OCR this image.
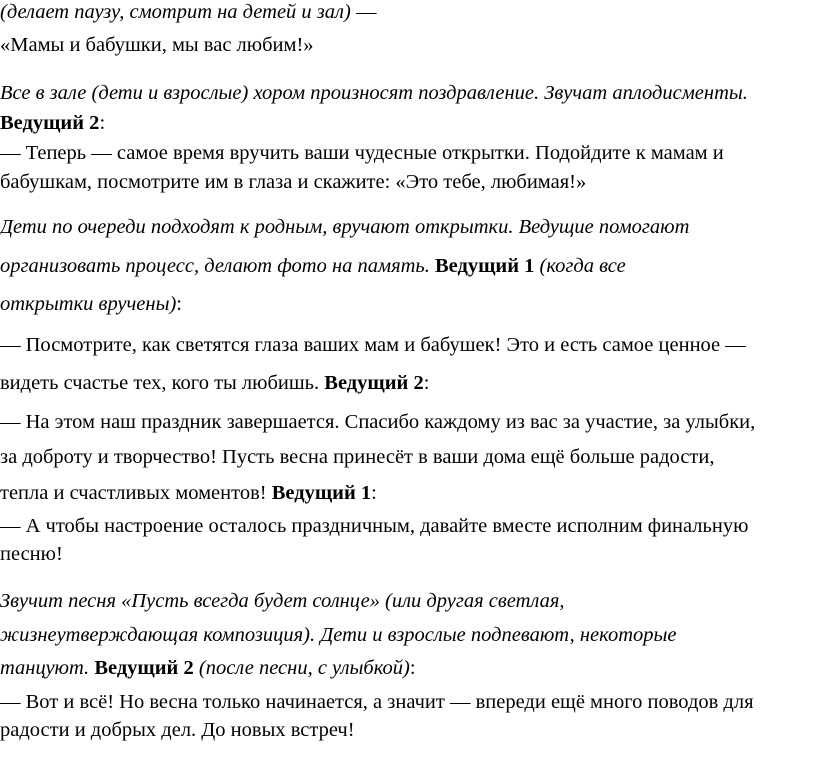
(делает паузу, смотрит на детей и зал) —
«Мамы и бабушки, мы вас любим!»
Все в зале (дети и взрослые) хором произносят поздравление. Звучат аплодисменты.
Ведущий 2:
— Теперь — самое время вручить ваши чудесные открытки. Подойдите к мамам и
бабушкам, посмотрите им в глаза и скажите: «Это тебе, любимая!»
Дети по очереди подходят к родным, вручают открытки. Ведущие помогают
организовать процесс, делают фото на память. Ведущий 1 (когда все
открытки вручены):
— Посмотрите, как светятся глаза ваших мам и бабушек! Это и есть самое ценное —
видеть счастье тех, кого ты любишь. Ведущий 2:
— На этом наш праздник завершается. Спасибо каждому из вас за участие, за улыбки,
за доброту и творчество! Пусть весна принесёт в ваши дома ещё больше радости,
тепла и счастливых моментов! Ведущий 1:
— А чтобы настроение осталось праздничным, давайте вместе исполним финальную
песню!
Звучит песня «Пусть всегда будет солнце» (или другая светлая,
жизнеутверждающая композиция). Дети и взрослые подпевают, некоторые
танцуют. Ведущий 2 (после песни, с улыбкой):
— Вот и всё! Но весна только начинается, а значит — впереди ещё много поводов для
радости и добрых дел. До новых встреч!
